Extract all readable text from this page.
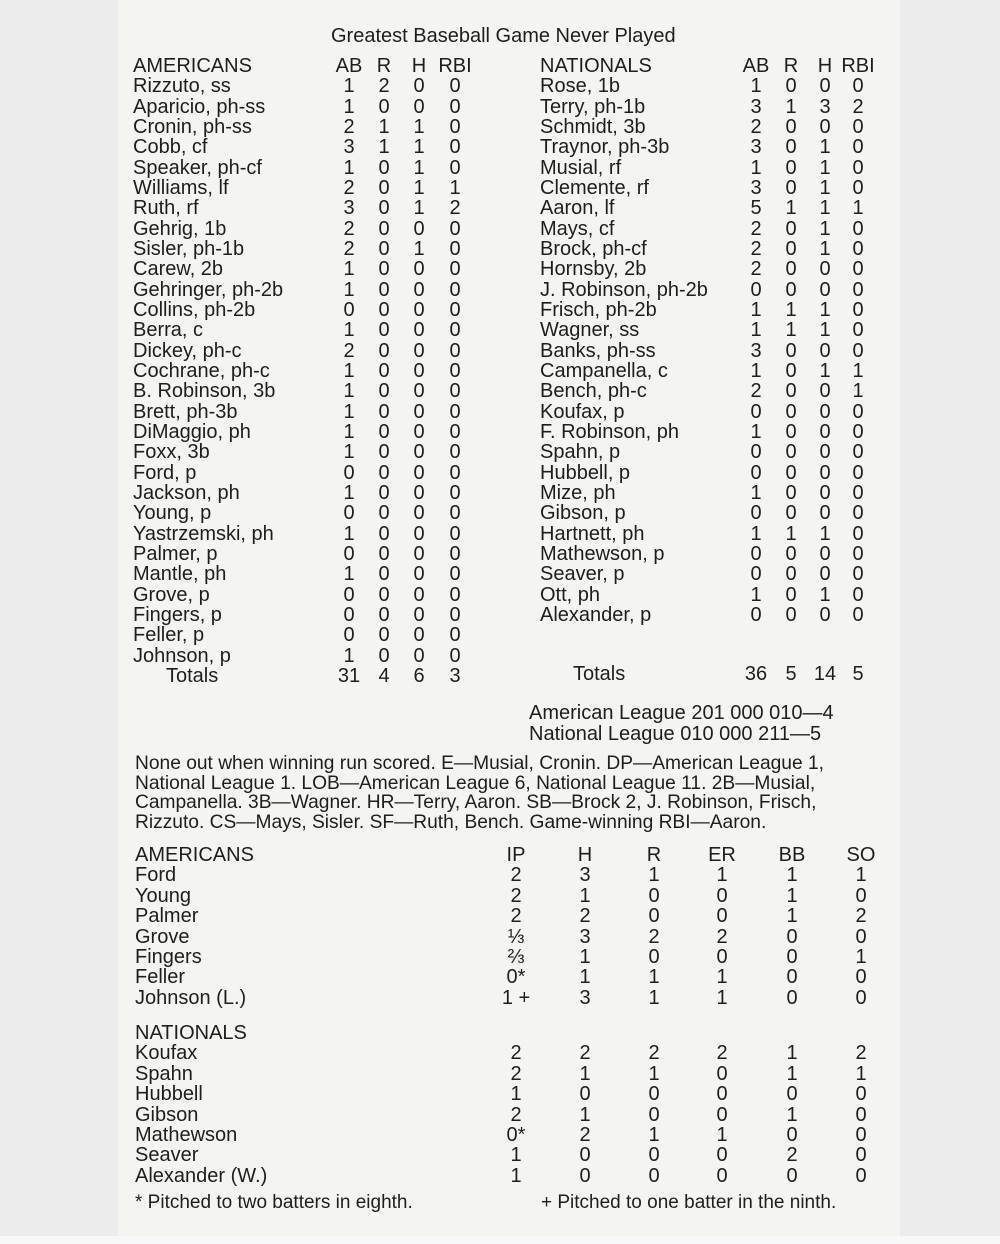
Greatest Baseball Game Never Played
AMERICANS	AB R	H RBI
Rizzuto, ss	1	2	0	0
Aparicio, ph-ss	1	0	0	0
Cronin, ph-ss	2	1	1	0
Cobb, cf	3	1	1	0
Speaker, ph-cf	1	0	1	0
Williams, lf	2	0	1	1
Ruth, rf	3	0	1	2
Gehrig, 1b	2	0	0	0
Sisler, ph-1b	2	0	1	0
Carew, 2b	1	0	0	0
Gehringer, ph-2b	1	0	0	0
Collins, ph-2b	0	0	0	0
Berra, c	1	0	0	0
Dickey, ph-c	2	0	0	0
Cochrane, ph-c	1	0	0	0
B. Robinson, 3b	1	0	0	0
Brett, ph-3b	1	0	0	0
DiMaggio, ph	1	0	0	0
Foxx, 3b	1	0	0	0
Ford, p	0	0	0	0
Jackson, ph	1	0	0	0
Young, p	0	0	0	0
Yastrzemski, ph	1	0	0	0
Palmer, p	0	0	0	0
Mantle, ph	1	0	0	0
Grove, p	0	0	0	0
Fingers, p	0	0	0	0
Feller, p	0	0	0	0
Johnson, p	1	0	0	0
Totals	31 4	6	3
NATIONALS	AB R H RBI
Rose, 1b	1	0	0	0
Terry, ph-1b	3	1	3	2
Schmidt, 3b	2	0	0	0
Traynor, ph-3b	3	0	1	0
Musial, rf	1	0	1	0
Clemente, rf	3	0	1	0
Aaron, lf	5	1	1	1
Mays, cf	2	0	1	0
Brock, ph-cf	2	0	1	0
Hornsby, 2b	2	0	0	0
J. Robinson, ph-2b	0	0	0	0
Frisch, ph-2b	1	1	1	0
Wagner, ss	1	1	1	0
Banks, ph-ss	3	0	0	0
Campanella, c	1	0	1	1
Bench, ph-c	2	0	0	1
Koufax, p	0	0	0	0
F. Robinson, ph	1	0	0	0
Spahn, p	0	0	0	0
Hubbell, p	0	0	0	0
Mize, ph	1	0	0	0
Gibson, p	0	0	0	0
Hartnett, ph	1	1	1	0
Mathewson, p	0	0	0	0
Seaver, p	0	0	0	0
Ott, ph	1	0	1	0
Alexander, p	0	0	0	0
Totals	36 5 14 5
American League 201 000 010—4
National League 010 000 211—5
None out when winning run scored. E—Musial, Cronin. DP—American League 1,
National League 1. LOB—American League 6, National League 11. 2B—Musial,
Campanella. 3B—Wagner. HR—Terry, Aaron. SB—Brock 2, J. Robinson, Frisch,
Rizzuto. CS—Mays, Sisler. SF—Ruth, Bench. Game-winning RBI—Aaron.
AMERICANS	IP	H	R	ER	BB	SO
Ford	2	3	1	1	1	1
Young	2	1	0	0	1	0
Palmer	2	2	0	0	1	2
Grove	⅓	3	2	2	0	0
Fingers	⅔	1	0	0	0	1
Feller	0*	1	1	1	0	0
Johnson (L.)	1 +	3	1	1	0	0
NATIONALS
Koufax	2	2	2	2	1	2
Spahn	2	1	1	0	1	1
Hubbell	1	0	0	0	0	0
Gibson	2	1	0	0	1	0
Mathewson	0*	2	1	1	0	0
Seaver	1	0	0	0	2	0
Alexander (W.)	1	0	0	0	0	0
* Pitched to two batters in eighth.	+ Pitched to one batter in the ninth.
